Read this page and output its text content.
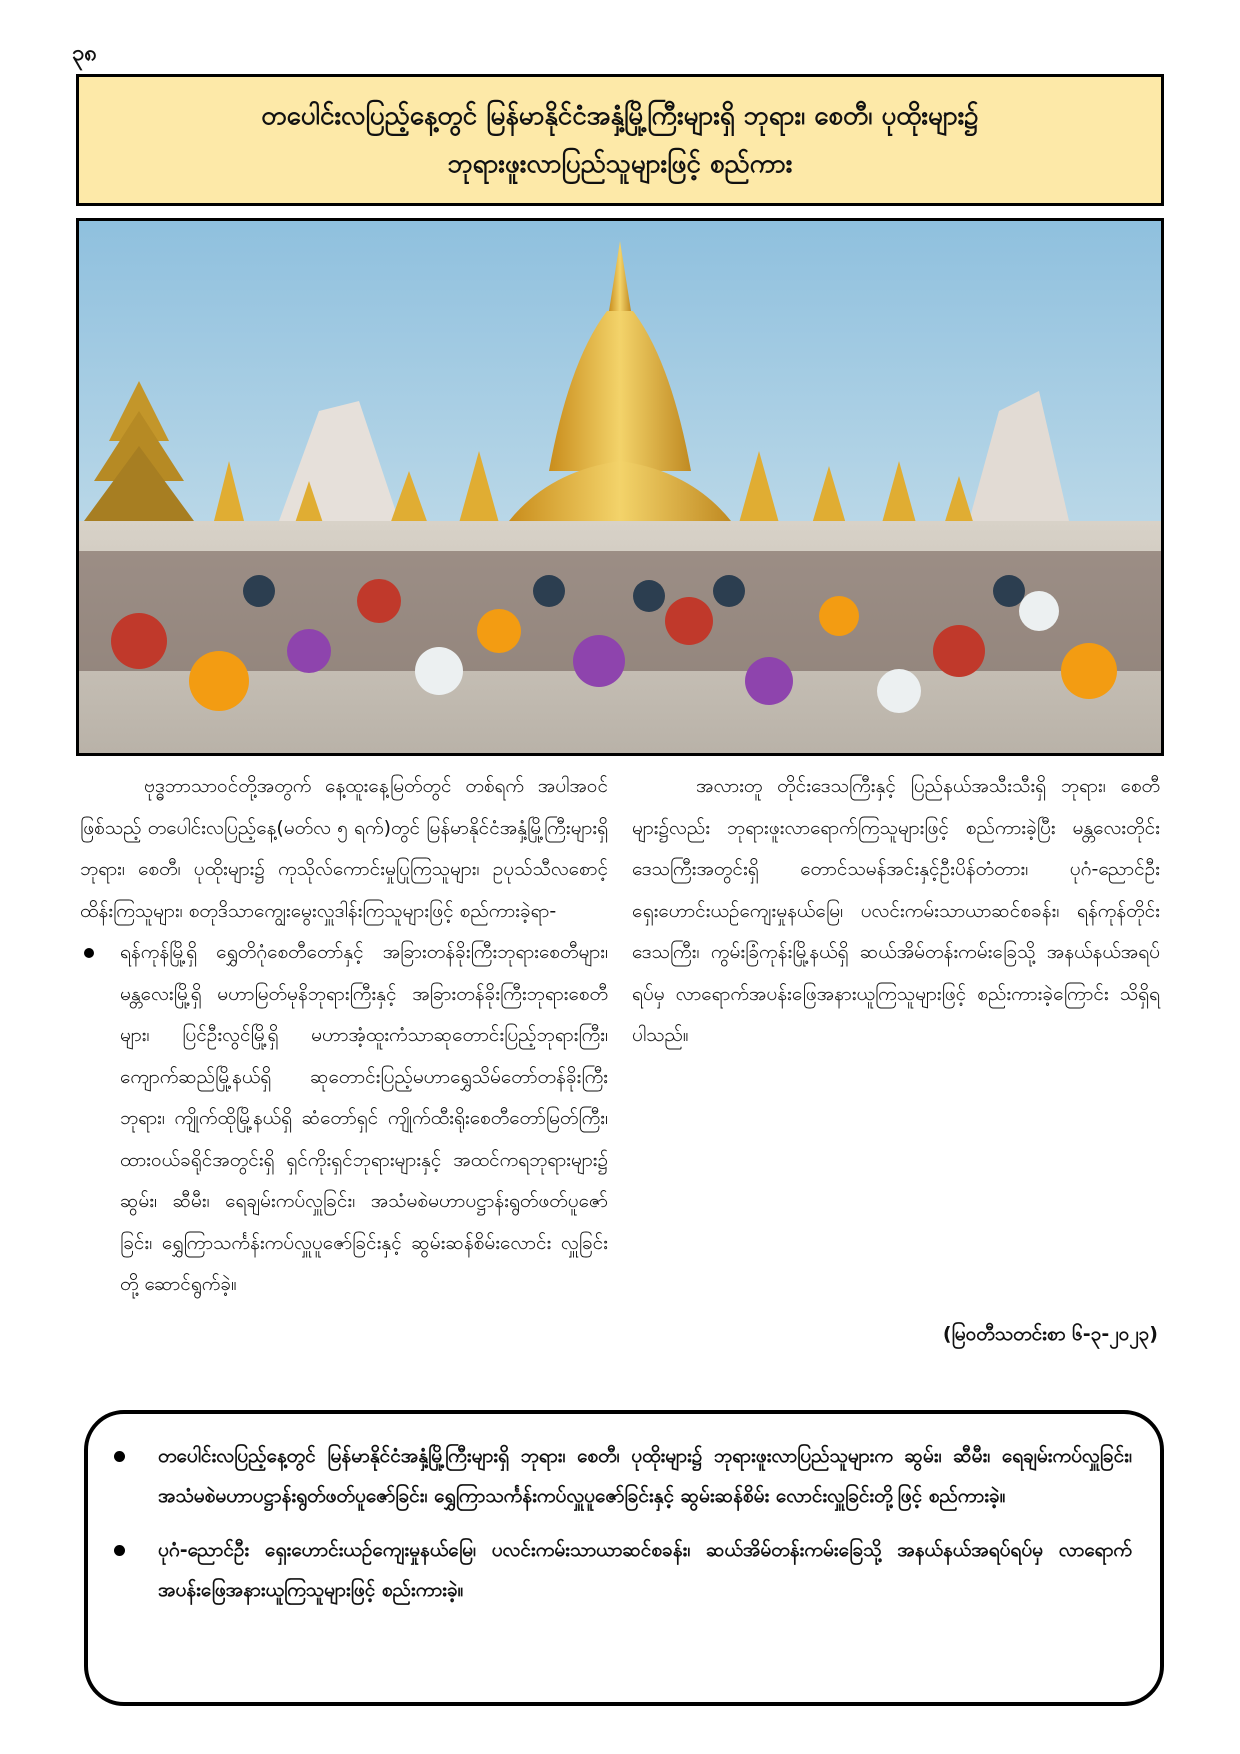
၃၈
တပေါင်းလပြည့်နေ့တွင် မြန်မာနိုင်ငံအနှံ့မြို့ကြီးများရှိ ဘုရား၊ စေတီ၊ ပုထိုးများ၌
ဘုရားဖူးလာပြည်သူများဖြင့် စည်ကား

ဗုဒ္ဓဘာသာဝင်တို့အတွက် နေ့ထူးနေ့မြတ်တွင် တစ်ရက် အပါအဝင်ဖြစ်သည့် တပေါင်းလပြည့်နေ့(မတ်လ ၅ ရက်)တွင် မြန်မာနိုင်ငံအနှံ့မြို့ကြီးများရှိ ဘုရား၊ စေတီ၊ ပုထိုးများ၌ ကုသိုလ်ကောင်းမှုပြုကြသူများ၊ ဥပုသ်သီလစောင့်ထိန်းကြသူများ၊ စတုဒိသာကျွေးမွေးလှူဒါန်းကြသူများဖြင့် စည်ကားခဲ့ရာ-

ရန်ကုန်မြို့ရှိ ရွှေတိဂုံစေတီတော်နှင့် အခြားတန်ခိုးကြီးဘုရားစေတီများ၊ မန္တလေးမြို့ရှိ မဟာမြတ်မုနိဘုရားကြီးနှင့် အခြားတန်ခိုးကြီးဘုရားစေတီများ၊ ပြင်ဦးလွင်မြို့ရှိ မဟာအံ့ထူးကံသာဆုတောင်းပြည့်ဘုရားကြီး၊ ကျောက်ဆည်မြို့နယ်ရှိ ဆုတောင်းပြည့်မဟာရွှေသိမ်တော်တန်ခိုးကြီးဘုရား၊ ကျိုက်ထိုမြို့နယ်ရှိ ဆံတော်ရှင် ကျိုက်ထီးရိုးစေတီတော်မြတ်ကြီး၊ ထားဝယ်ခရိုင်အတွင်းရှိ ရှင်ကိုးရှင်ဘုရားများနှင့် အထင်ကရဘုရားများ၌ ဆွမ်း၊ ဆီမီး၊ ရေချမ်းကပ်လှူခြင်း၊ အသံမစဲမဟာပဋ္ဌာန်းရွတ်ဖတ်ပူဇော်ခြင်း၊ ရွှေကြာသင်္ကန်းကပ်လှူပူဇော်ခြင်းနှင့် ဆွမ်းဆန်စိမ်းလောင်း လှူခြင်းတို့ ဆောင်ရွက်ခဲ့။

အလားတူ တိုင်းဒေသကြီးနှင့် ပြည်နယ်အသီးသီးရှိ ဘုရား၊ စေတီများ၌လည်း ဘုရားဖူးလာရောက်ကြသူများဖြင့် စည်ကားခဲ့ပြီး မန္တလေးတိုင်းဒေသကြီးအတွင်းရှိ တောင်သမန်အင်းနှင့်ဦးပိန်တံတား၊ ပုဂံ-ညောင်ဦး ရှေးဟောင်းယဉ်ကျေးမှုနယ်မြေ၊ ပလင်းကမ်းသာယာဆင်စခန်း၊ ရန်ကုန်တိုင်းဒေသကြီး၊ ကွမ်းခြံကုန်းမြို့နယ်ရှိ ဆယ်အိမ်တန်းကမ်းခြေသို့ အနယ်နယ်အရပ်ရပ်မှ လာရောက်အပန်းဖြေအနားယူကြသူများဖြင့် စည်းကားခဲ့ကြောင်း သိရှိရပါသည်။

(မြဝတီသတင်းစာ ၆-၃-၂၀၂၃)
တပေါင်းလပြည့်နေ့တွင် မြန်မာနိုင်ငံအနှံ့မြို့ကြီးများရှိ ဘုရား၊ စေတီ၊ ပုထိုးများ၌ ဘုရားဖူးလာပြည်သူများက ဆွမ်း၊ ဆီမီး၊ ရေချမ်းကပ်လှူခြင်း၊ အသံမစဲမဟာပဋ္ဌာန်းရွတ်ဖတ်ပူဇော်ခြင်း၊ ရွှေကြာသင်္ကန်းကပ်လှူပူဇော်ခြင်းနှင့် ဆွမ်းဆန်စိမ်း လောင်းလှူခြင်းတို့ဖြင့် စည်ကားခဲ့။
ပုဂံ-ညောင်ဦး ရှေးဟောင်းယဉ်ကျေးမှုနယ်မြေ၊ ပလင်းကမ်းသာယာဆင်စခန်း၊ ဆယ်အိမ်တန်းကမ်းခြေသို့ အနယ်နယ်အရပ်ရပ်မှ လာရောက်အပန်းဖြေအနားယူကြသူများဖြင့် စည်းကားခဲ့။
